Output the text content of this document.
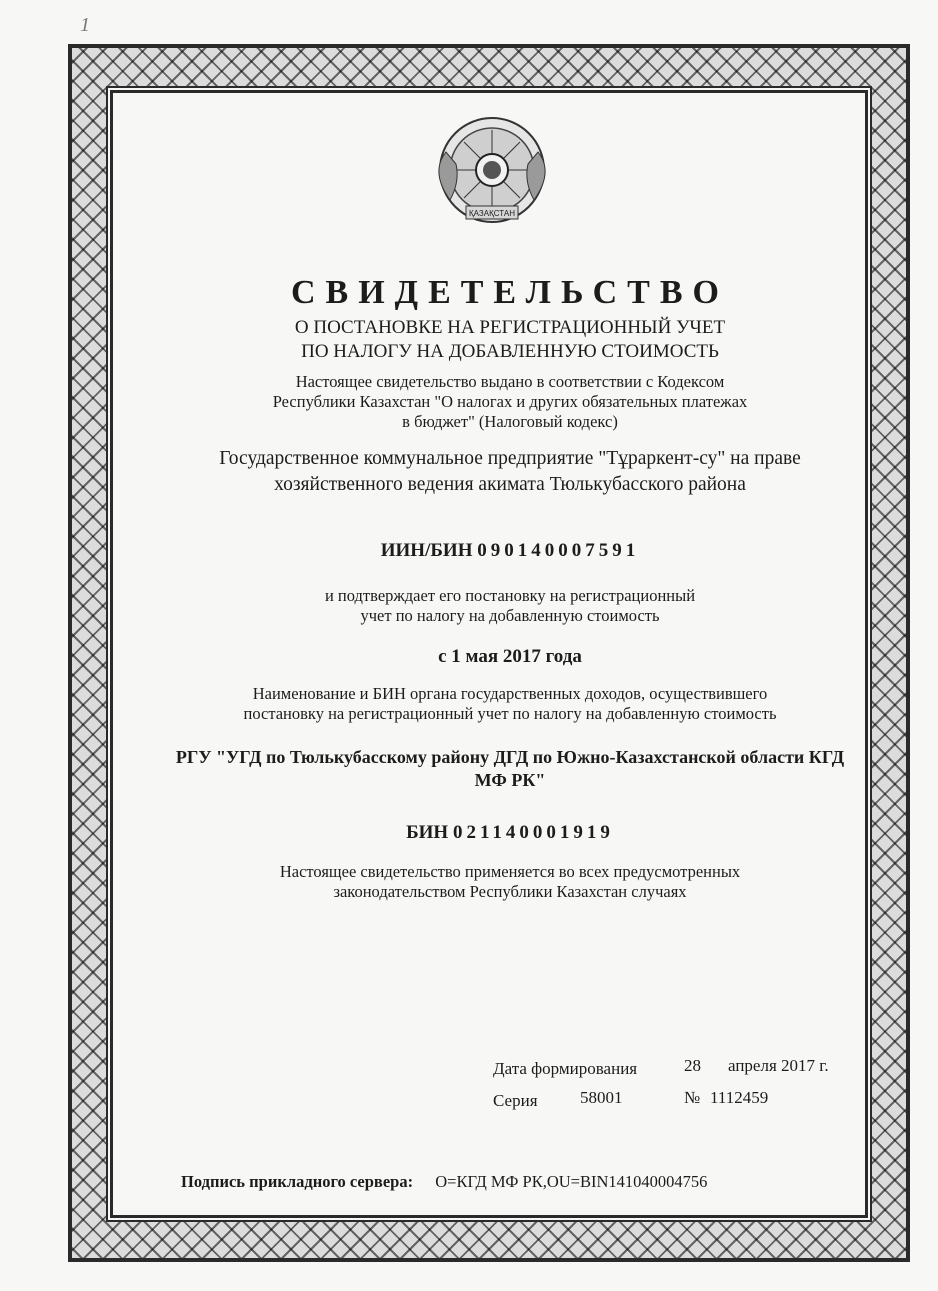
1
ҚАЗАҚСТАН
СВИДЕТЕЛЬСТВО
О ПОСТАНОВКЕ НА РЕГИСТРАЦИОННЫЙ УЧЕТ
ПО НАЛОГУ НА ДОБАВЛЕННУЮ СТОИМОСТЬ
Настоящее свидетельство выдано в соответствии с Кодексом
Республики Казахстан "О налогах и других обязательных платежах
в бюджет" (Налоговый кодекс)
Государственное коммунальное предприятие "Тұраркент-су" на праве
хозяйственного ведения акимата Тюлькубасского района
ИИН/БИН 090140007591
и подтверждает его постановку на регистрационный
учет по налогу на добавленную стоимость
с 1 мая 2017 года
Наименование и БИН органа государственных доходов, осуществившего
постановку на регистрационный учет по налогу на добавленную стоимость
РГУ "УГД по Тюлькубасскому району ДГД по Южно-Казахстанской области КГД
МФ РК"
БИН 021140001919
Настоящее свидетельство применяется во всех предусмотренных
законодательством Республики Казахстан случаях
Дата формирования	28 апреля 2017 г.
Серия 58001	№ 1112459
Подпись прикладного сервера: O=КГД МФ РК,OU=BIN141040004756
